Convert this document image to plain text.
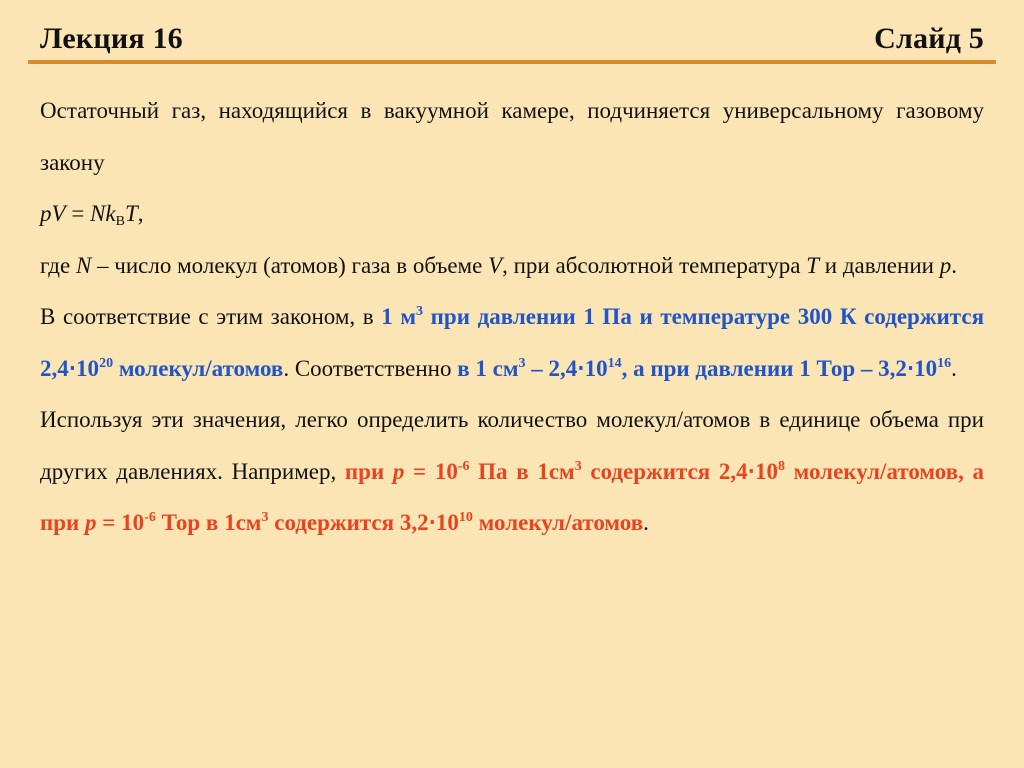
Лекция 16	Слайд 5

Остаточный газ, находящийся в вакуумной камере, подчиняется универсальному газовому закону

pV = $Nk_BT$,

где N – число молекул (атомов) газа в объеме V, при абсолютной температура T и давлении p.

В соответствие с этим законом, в 1 $м^3$ при давлении 1 Па и температуре 300 К содержится $2,4\cdot 10^{20}$ молекул/атомов. Соответственно в 1 $см^3 - 2,4\cdot 10^{14}$, а при давлении 1 Тор – $3,2\cdot 10^{16}$.

Используя эти значения, легко определить количество молекул/атомов в единице объема при других давлениях. Например, при $p = 10^{-6}$ Па в $1см^3$ содержится $2,4\cdot 10^8$ молекул/атомов, а при $p = 10^{-6}$ Тор в $1см^3$ содержится $3,2\cdot 10^{10}$ молекул/атомов.
